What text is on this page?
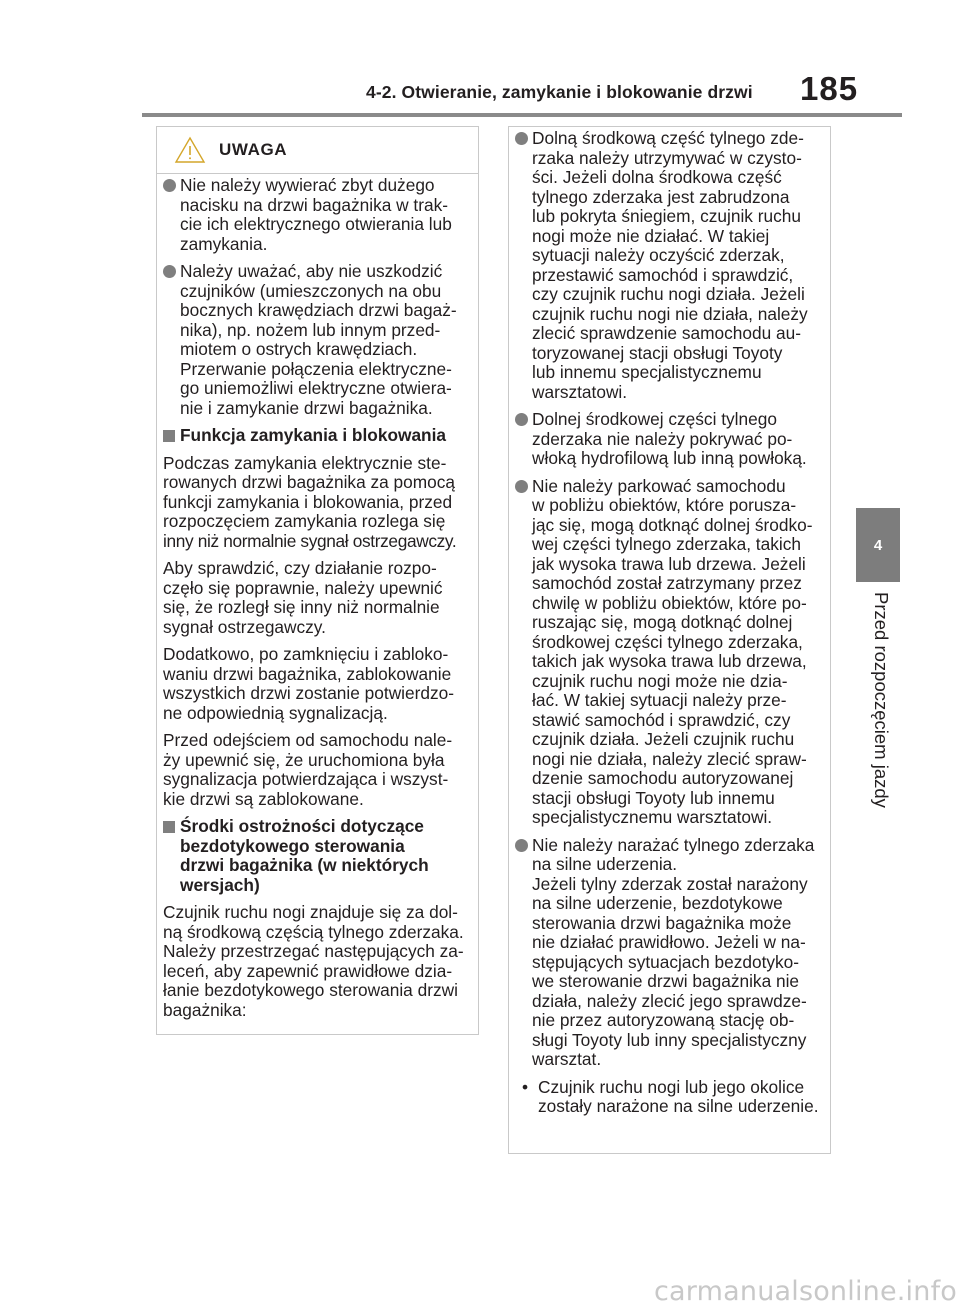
4-2. Otwieranie, zamykanie i blokowanie drzwi 185
4
Przed rozpoczęciem jazdy
UWAGA
Nie należy wywierać zbyt dużego
nacisku na drzwi bagażnika w trak-
cie ich elektrycznego otwierania lub
zamykania.
Należy uważać, aby nie uszkodzić
czujników (umieszczonych na obu
bocznych krawędziach drzwi bagaż-
nika), np. nożem lub innym przed-
miotem o ostrych krawędziach.
Przerwanie połączenia elektryczne-
go uniemożliwi elektryczne otwiera-
nie i zamykanie drzwi bagażnika.
Funkcja zamykania i blokowania
Podczas zamykania elektrycznie ste-
rowanych drzwi bagażnika za pomocą
funkcji zamykania i blokowania, przed
rozpoczęciem zamykania rozlega się
inny niż normalnie sygnał ostrzegawczy.
Aby sprawdzić, czy działanie rozpo-
częło się poprawnie, należy upewnić
się, że rozległ się inny niż normalnie
sygnał ostrzegawczy.
Dodatkowo, po zamknięciu i zabloko-
waniu drzwi bagażnika, zablokowanie
wszystkich drzwi zostanie potwierdzo-
ne odpowiednią sygnalizacją.
Przed odejściem od samochodu nale-
ży upewnić się, że uruchomiona była
sygnalizacja potwierdzająca i wszyst-
kie drzwi są zablokowane.
Środki ostrożności dotyczące
bezdotykowego sterowania
drzwi bagażnika (w niektórych
wersjach)
Czujnik ruchu nogi znajduje się za dol-
ną środkową częścią tylnego zderzaka.
Należy przestrzegać następujących za-
leceń, aby zapewnić prawidłowe dzia-
łanie bezdotykowego sterowania drzwi
bagażnika:
Dolną środkową część tylnego zde-
rzaka należy utrzymywać w czysto-
ści. Jeżeli dolna środkowa część
tylnego zderzaka jest zabrudzona
lub pokryta śniegiem, czujnik ruchu
nogi może nie działać. W takiej
sytuacji należy oczyścić zderzak,
przestawić samochód i sprawdzić,
czy czujnik ruchu nogi działa. Jeżeli
czujnik ruchu nogi nie działa, należy
zlecić sprawdzenie samochodu au-
toryzowanej stacji obsługi Toyoty
lub innemu specjalistycznemu
warsztatowi.
Dolnej środkowej części tylnego
zderzaka nie należy pokrywać po-
włoką hydrofilową lub inną powłoką.
Nie należy parkować samochodu
w pobliżu obiektów, które porusza-
jąc się, mogą dotknąć dolnej środko-
wej części tylnego zderzaka, takich
jak wysoka trawa lub drzewa. Jeżeli
samochód został zatrzymany przez
chwilę w pobliżu obiektów, które po-
ruszając się, mogą dotknąć dolnej
środkowej części tylnego zderzaka,
takich jak wysoka trawa lub drzewa,
czujnik ruchu nogi może nie dzia-
łać. W takiej sytuacji należy prze-
stawić samochód i sprawdzić, czy
czujnik działa. Jeżeli czujnik ruchu
nogi nie działa, należy zlecić spraw-
dzenie samochodu autoryzowanej
stacji obsługi Toyoty lub innemu
specjalistycznemu warsztatowi.
Nie należy narażać tylnego zderzaka
na silne uderzenia.
Jeżeli tylny zderzak został narażony
na silne uderzenie, bezdotykowe
sterowania drzwi bagażnika może
nie działać prawidłowo. Jeżeli w na-
stępujących sytuacjach bezdotyko-
we sterowanie drzwi bagażnika nie
działa, należy zlecić jego sprawdze-
nie przez autoryzowaną stację ob-
sługi Toyoty lub inny specjalistyczny
warsztat.
• Czujnik ruchu nogi lub jego okolice
zostały narażone na silne uderzenie.
carmanualsonline.info
